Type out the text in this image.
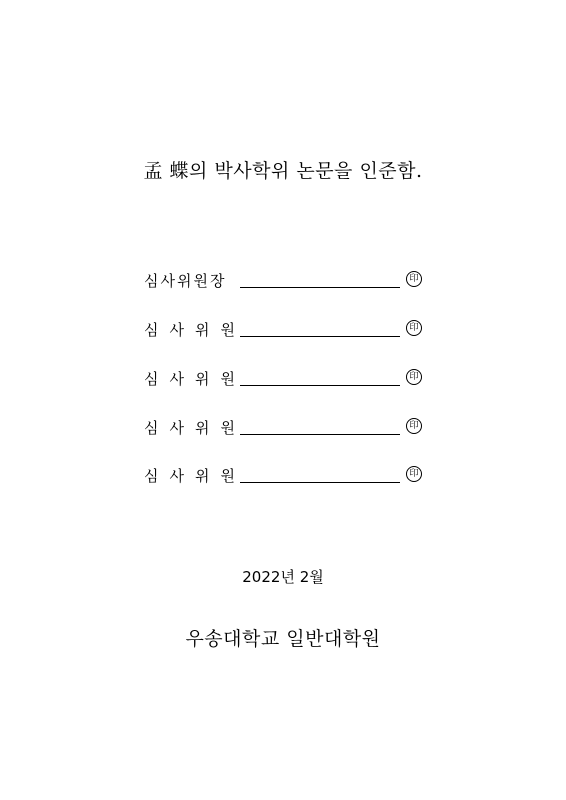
孟 蝶의 박사학위 논문을 인준함.
심사위원장	印
심사위원	印
심사위원	印
심사위원	印
심사위원	印
2022년 2월
우송대학교 일반대학원
